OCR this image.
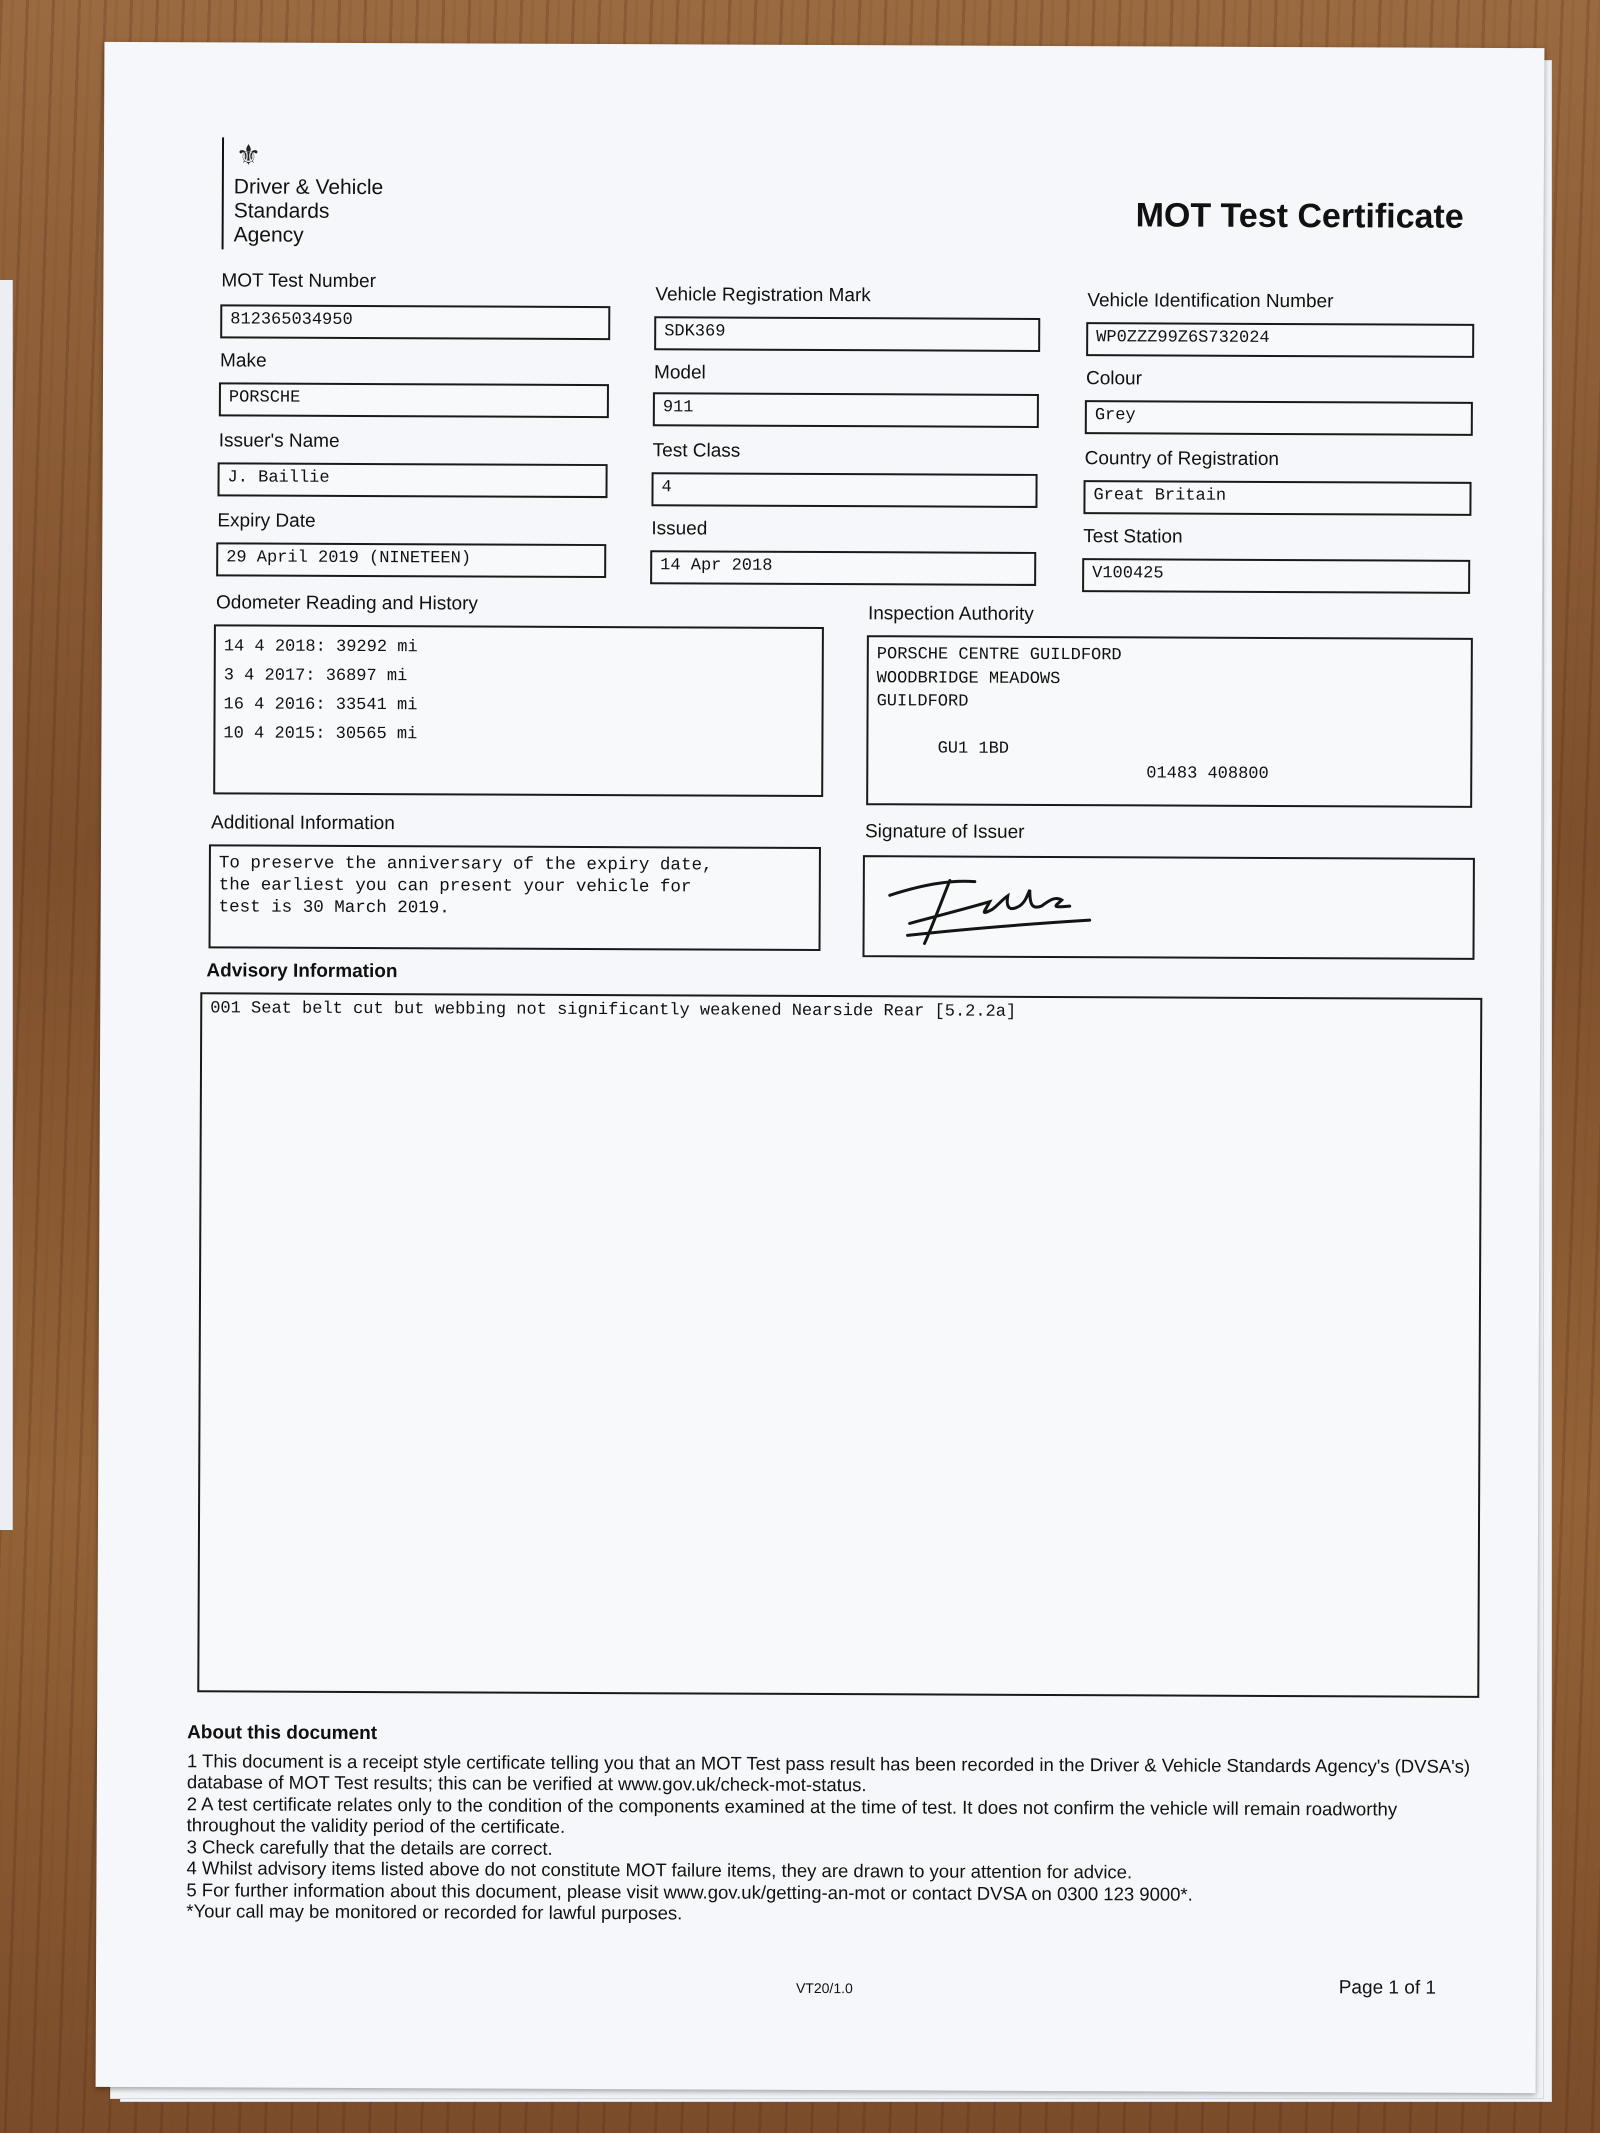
⚜
Driver & Vehicle
Standards
Agency	MOT Test Certificate
MOT Test Number
812365034950
Vehicle Registration Mark
SDK369
Vehicle Identification Number
WP0ZZZ99Z6S732024
Make
PORSCHE
Model
911
Colour
Grey
Issuer's Name
J. Baillie
Test Class
4
Country of Registration
Great Britain
Expiry Date
29 April 2019 (NINETEEN)
Issued
14 Apr 2018
Test Station
V100425
Odometer Reading and History
14 4 2018: 39292 mi
3 4 2017: 36897 mi
16 4 2016: 33541 mi
10 4 2015: 30565 mi
Inspection Authority
PORSCHE CENTRE GUILDFORD
WOODBRIDGE MEADOWS
GUILDFORD

GU1 1BD

01483 408800

Additional Information
To preserve the anniversary of the expiry date,
the earliest you can present your vehicle for
test is 30 March 2019.
Signature of Issuer

Advisory Information
001 Seat belt cut but webbing not significantly weakened Nearside Rear [5.2.2a]
About this document

1 This document is a receipt style certificate telling you that an MOT Test pass result has been recorded in the Driver & Vehicle Standards Agency's (DVSA's) database of MOT Test results; this can be verified at www.gov.uk/check-mot-status.

2 A test certificate relates only to the condition of the components examined at the time of test. It does not confirm the vehicle will remain roadworthy throughout the validity period of the certificate.

3 Check carefully that the details are correct.

4 Whilst advisory items listed above do not constitute MOT failure items, they are drawn to your attention for advice.

5 For further information about this document, please visit www.gov.uk/getting-an-mot or contact DVSA on 0300 123 9000*.

*Your call may be monitored or recorded for lawful purposes.

VT20/1.0	Page 1 of 1
